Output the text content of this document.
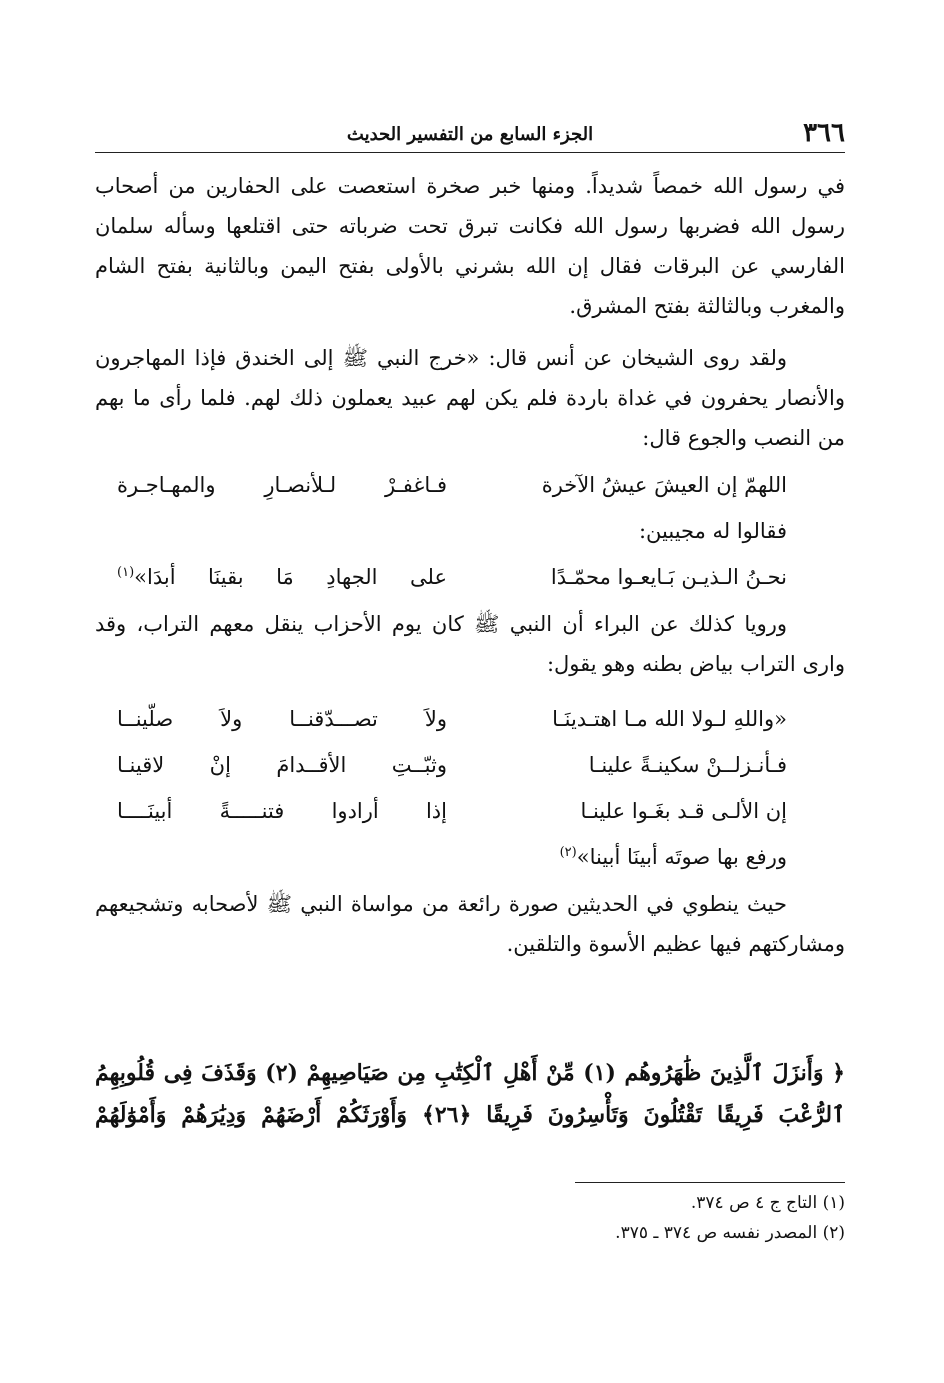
٣٦٦
الجزء السابع من التفسير الحديث

في رسول الله خمصاً شديداً. ومنها خبر صخرة استعصت على الحفارين من أصحاب رسول الله فضربها رسول الله فكانت تبرق تحت ضرباته حتى اقتلعها وسأله سلمان الفارسي عن البرقات فقال إن الله بشرني بالأولى بفتح اليمن وبالثانية بفتح الشام والمغرب وبالثالثة بفتح المشرق.

ولقد روى الشيخان عن أنس قال: «خرج النبي ﷺ إلى الخندق فإذا المهاجرون والأنصار يحفرون في غداة باردة فلم يكن لهم عبيد يعملون ذلك لهم. فلما رأى ما بهم من النصب والجوع قال:

اللهمّ إن العيشَ عيشُ الآخرة
فـاغفـرْ لـلأنصـارِ والمهـاجـرة
فقالوا له مجيبين:
نحـنُ الـذيـن بَـايعـوا محمّـدًا
على الجهادِ مَا بقينَا أبدَا»$^{(١)}$

ورويا كذلك عن البراء أن النبي ﷺ كان يوم الأحزاب ينقل معهم التراب، وقد وارى التراب بياض بطنه وهو يقول:

«واللهِ لـولا الله مـا اهتـدينَـا
ولاَ تصـــدّقنــا ولاَ صلّينــا
فـأنـزلــنْ سكينـةً علينـا
وثبّــتِ الأقــدامَ إنْ لاقينـا
إن الألـى قـد بغَـوا علينـا
إذا أرادوا فتنـــــةً أبينَــــا
ورفع بها صوتَه أبينَا أبينا»$^{(٢)}$

حيث ينطوي في الحديثين صورة رائعة من مواساة النبي ﷺ لأصحابه وتشجيعهم ومشاركتهم فيها عظيم الأسوة والتلقين.

﴿ وَأَنزَلَ ٱلَّذِينَ ظَٰهَرُوهُم (١) مِّنْ أَهْلِ ٱلْكِتَٰبِ مِن صَيَاصِيهِمْ (٢) وَقَذَفَ فِى قُلُوبِهِمُ ٱلرُّعْبَ فَرِيقًا تَقْتُلُونَ وَتَأْسِرُونَ فَرِيقًا ﴿٢٦﴾ وَأَوْرَثَكُمْ أَرْضَهُمْ وَدِيَٰرَهُمْ وَأَمْوَٰلَهُمْ

(١) التاج ج ٤ ص ٣٧٤.

(٢) المصدر نفسه ص ٣٧٤ ـ ٣٧٥.
